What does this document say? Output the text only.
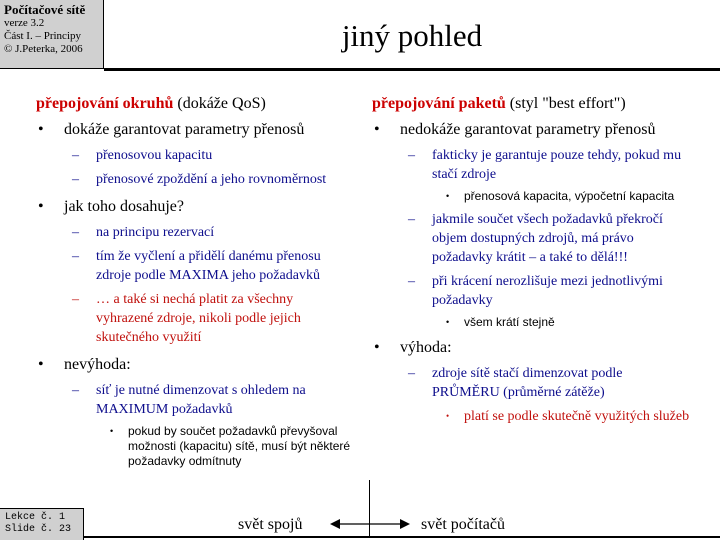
Počítačové sítě
verze 3.2
Část I. – Principy
© J.Peterka, 2006	jiný pohled
přepojování okruhů (dokáže QoS)
• dokáže garantovat parametry přenosů
– přenosovou kapacitu
– přenosové zpoždění a jeho rovnoměrnost
• jak toho dosahuje?
– na principu rezervací
– tím že vyčlení a přidělí danému přenosu zdroje podle MAXIMA jeho požadavků
– … a také si nechá platit za všechny vyhrazené zdroje, nikoli podle jejich skutečného využití
• nevýhoda:
– síť je nutné dimenzovat s ohledem na MAXIMUM požadavků
• pokud by součet požadavků převyšoval možnosti (kapacitu) sítě, musí být některé požadavky odmítnuty
přepojování paketů (styl "best effort")
• nedokáže garantovat parametry přenosů
– fakticky je garantuje pouze tehdy, pokud mu stačí zdroje
• přenosová kapacita, výpočetní kapacita
– jakmile součet všech požadavků překročí objem dostupných zdrojů, má právo požadavky krátit – a také to dělá!!!
– při krácení nerozlišuje mezi jednotlivými požadavky
• všem krátí stejně
• výhoda:
– zdroje sítě stačí dimenzovat podle PRŮMĚRU (průměrné zátěže)
• platí se podle skutečně využitých služeb
Lekce č. 1
Slide č. 23	svět spojů	svět počítačů
